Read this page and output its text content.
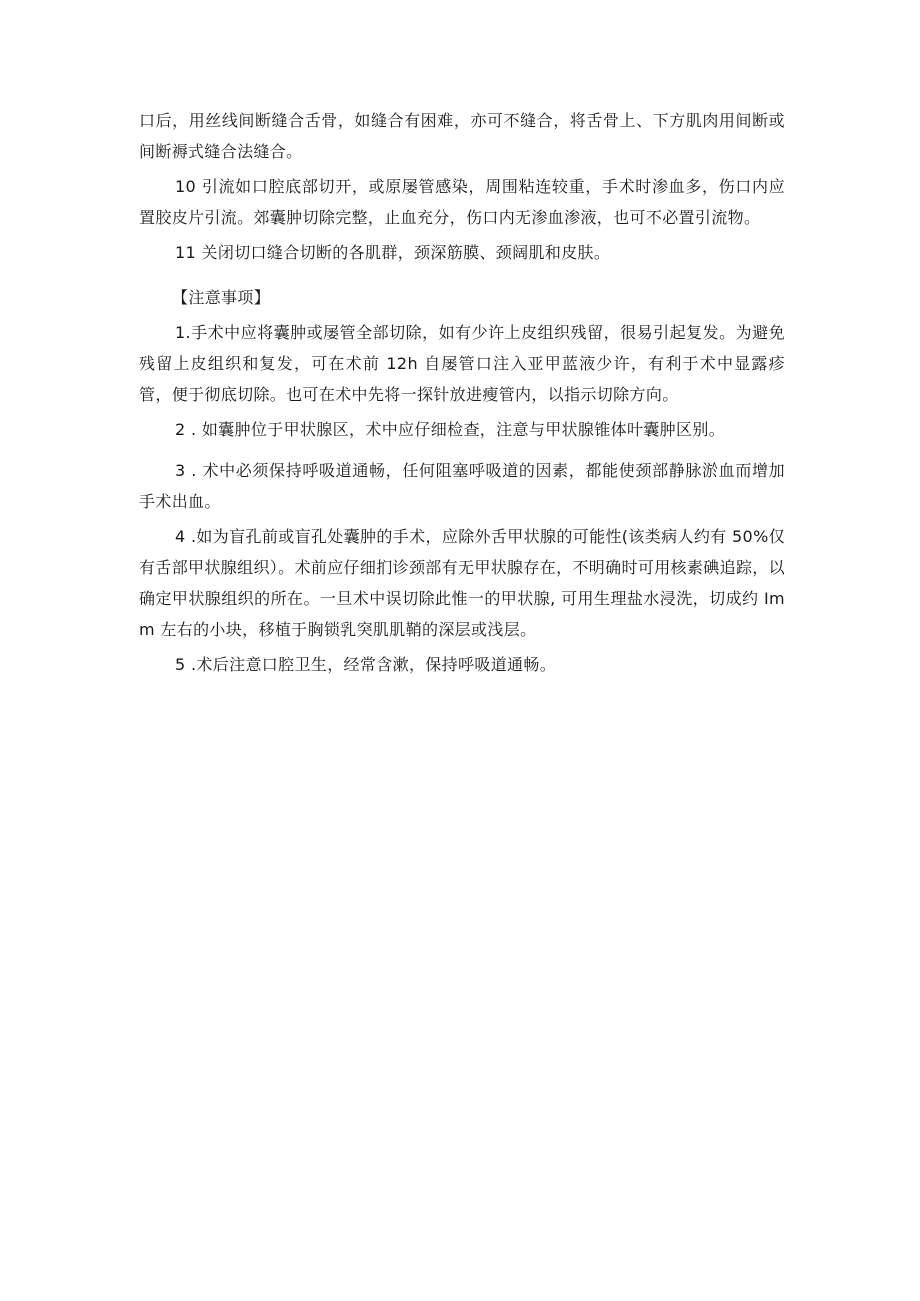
口后，用丝线间断缝合舌骨，如缝合有困难，亦可不缝合，将舌骨上、下方肌肉用间断或间断褥式缝合法缝合。

10 引流如口腔底部切开，或原屡管感染，周围粘连较重，手术时渗血多，伤口内应置胶皮片引流。郊囊肿切除完整，止血充分，伤口内无渗血渗液，也可不必置引流物。

11 关闭切口缝合切断的各肌群，颈深筋膜、颈阔肌和皮肤。

【注意事项】

1.手术中应将囊肿或屡管全部切除，如有少许上皮组织残留，很易引起复发。为避免残留上皮组织和复发，可在术前 12h 自屡管口注入亚甲蓝液少许，有利于术中显露疹管，便于彻底切除。也可在术中先将一探针放进瘦管内，以指示切除方向。

2 . 如囊肿位于甲状腺区，术中应仔细检查，注意与甲状腺锥体叶囊肿区别。

3 . 术中必须保持呼吸道通畅，任何阻塞呼吸道的因素，都能使颈部静脉淤血而增加手术出血。

4 .如为盲孔前或盲孔处囊肿的手术，应除外舌甲状腺的可能性(该类病人约有 50%仅有舌部甲状腺组织）。术前应仔细扪诊颈部有无甲状腺存在，不明确时可用核素碘追踪，以确定甲状腺组织的所在。一旦术中误切除此惟一的甲状腺, 可用生理盐水浸洗，切成约 Imm 左右的小块，移植于胸锁乳突肌肌鞘的深层或浅层。

5 .术后注意口腔卫生，经常含漱，保持呼吸道通畅。
